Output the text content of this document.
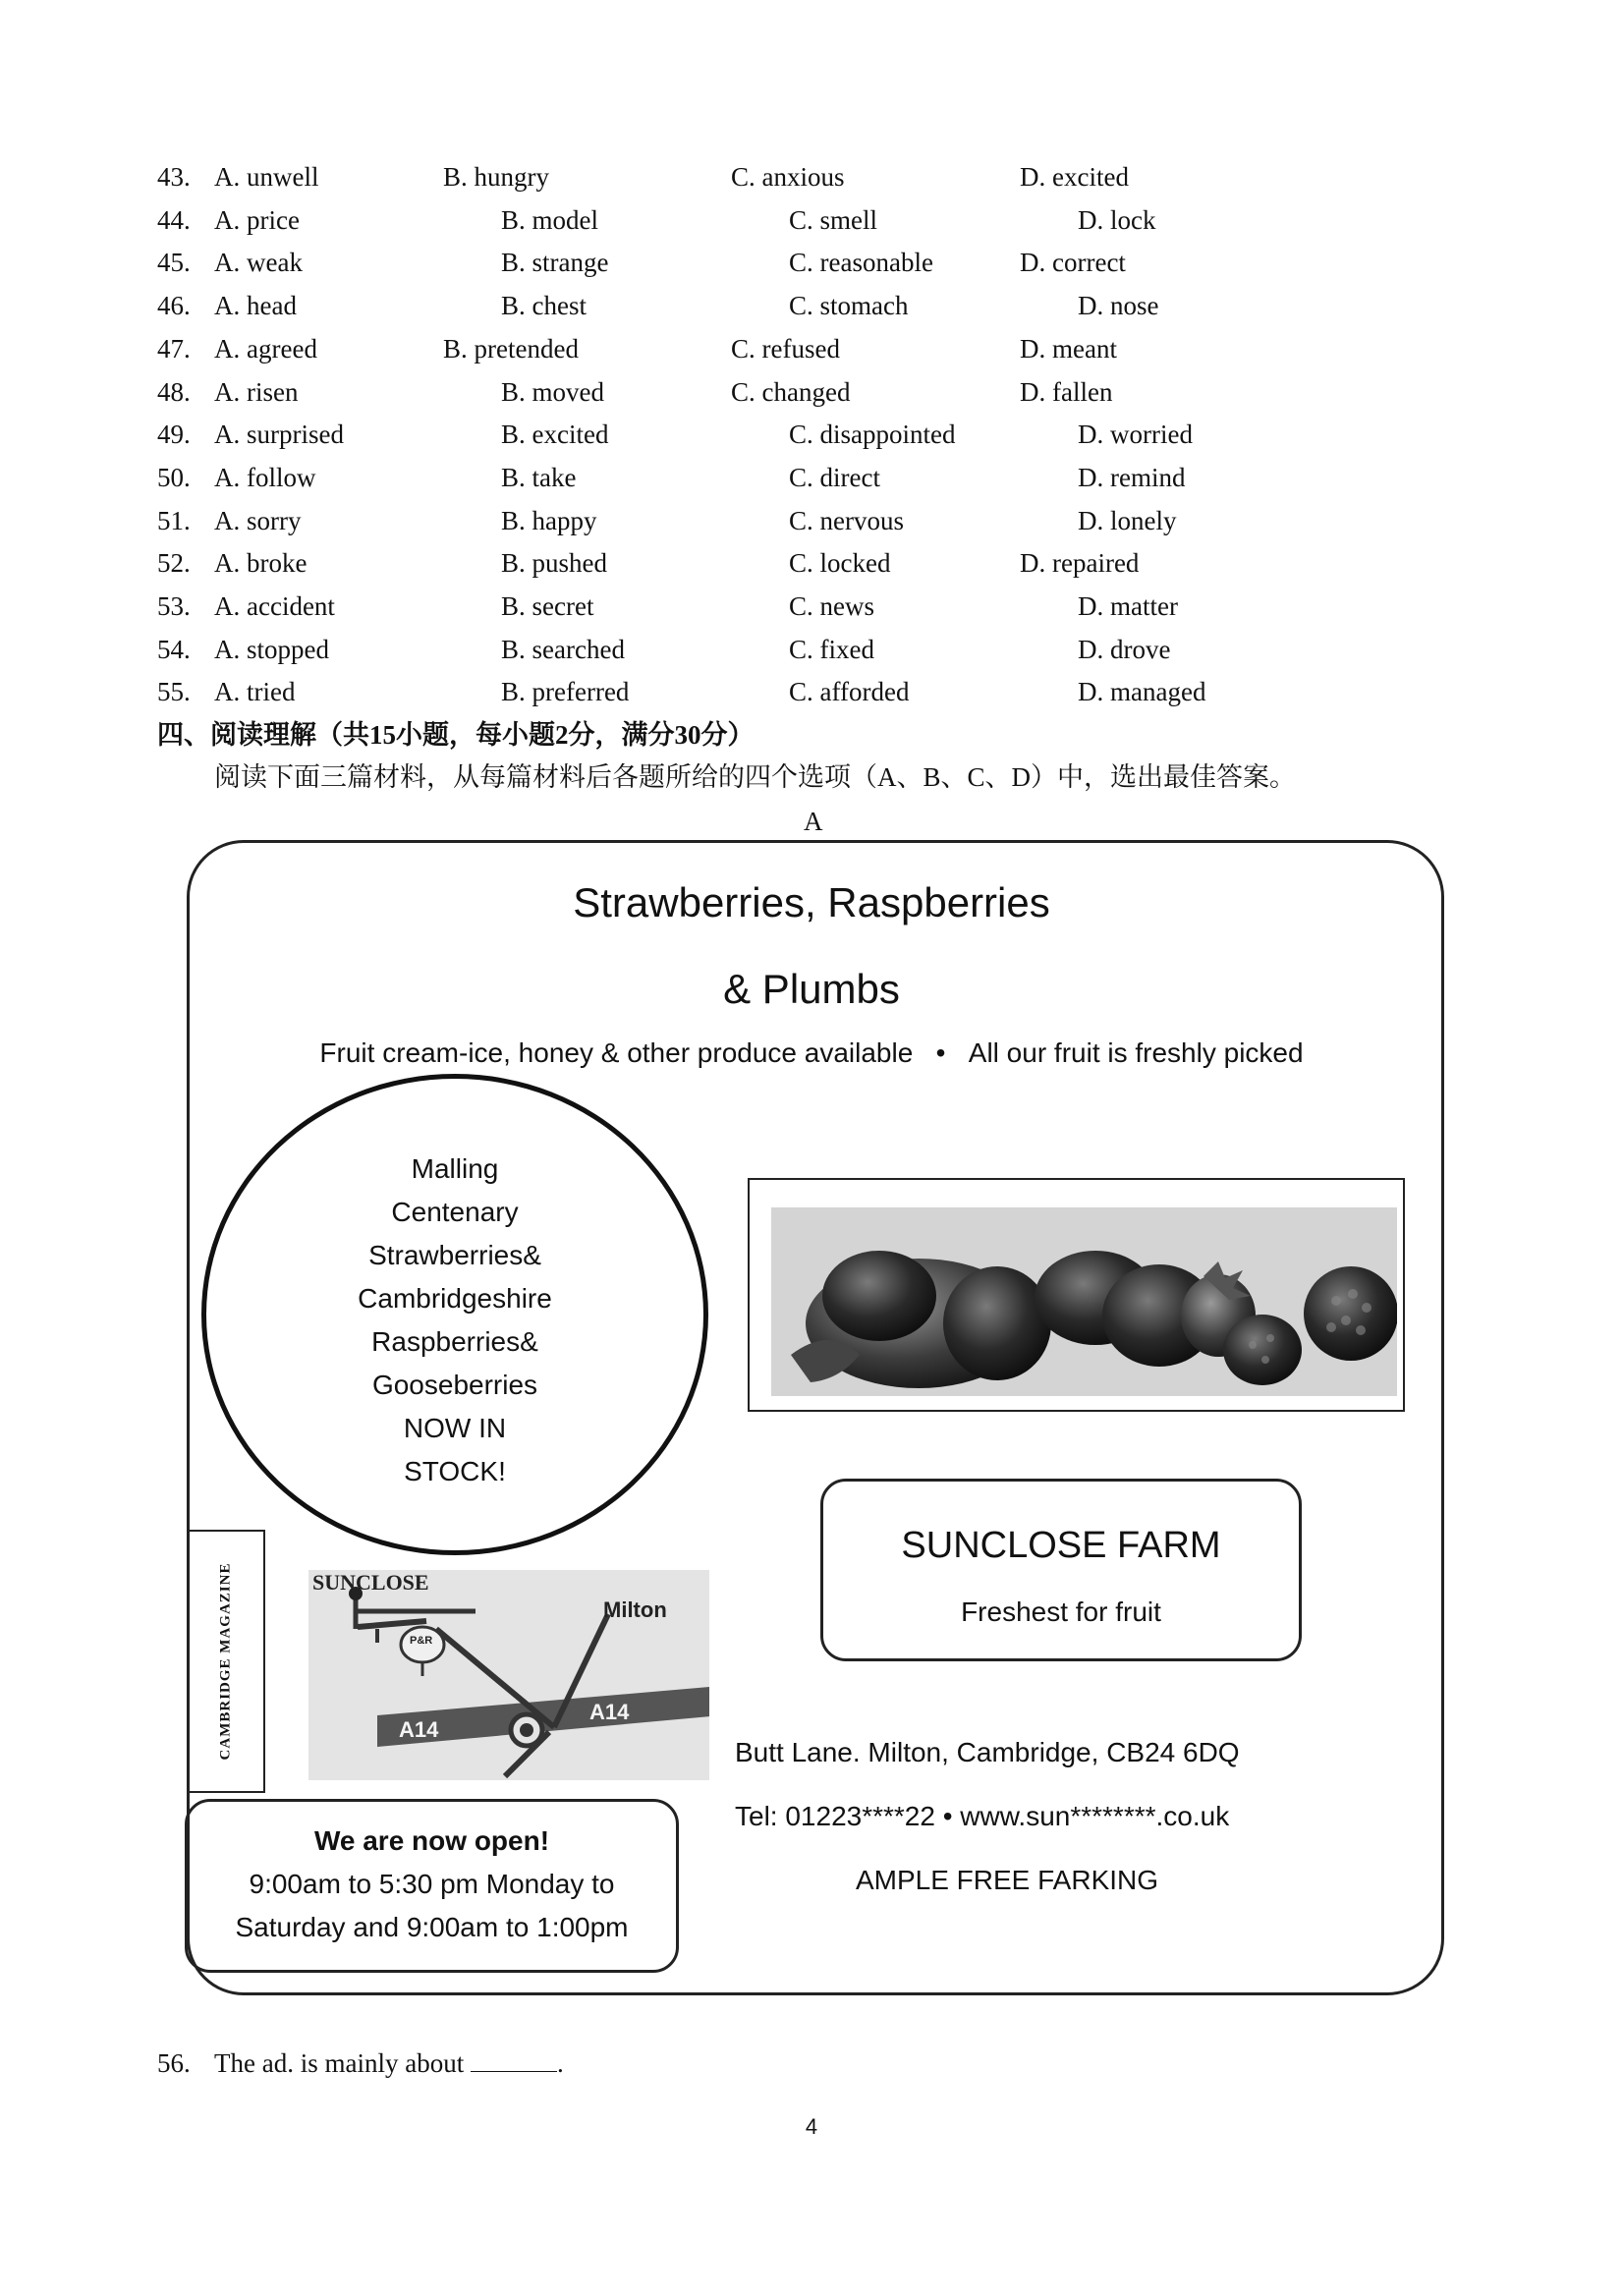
43. A. unwell	B. hungry	C. anxious	D. excited
44. A. price	B. model	C. smell	D. lock
45. A. weak	B. strange	C. reasonable	D. correct
46. A. head	B. chest	C. stomach	D. nose
47. A. agreed	B. pretended	C. refused	D. meant
48. A. risen	B. moved	C. changed	D. fallen
49. A. surprised	B. excited	C. disappointed	D. worried
50. A. follow	B. take	C. direct	D. remind
51. A. sorry	B. happy	C. nervous	D. lonely
52. A. broke	B. pushed	C. locked	D. repaired
53. A. accident	B. secret	C. news	D. matter
54. A. stopped	B. searched	C. fixed	D. drove
55. A. tried	B. preferred	C. afforded	D. managed
四、阅读理解（共15小题，每小题2分，满分30分）
阅读下面三篇材料，从每篇材料后各题所给的四个选项（A、B、C、D）中，选出最佳答案。
A
Strawberries, Raspberries
& Plumbs
Fruit cream-ice, honey & other produce available • All our fruit is freshly picked
Malling
Centenary
Strawberries&
Cambridgeshire
Raspberries&
Gooseberries
NOW IN
STOCK!
SUNCLOSE FARM
Freshest for fruit
CAMBRIDGE MAGAZINE	SUNCLOSE
Milton
P&R
A14
A14
We are now open!
9:00am to 5:30 pm Monday to
Saturday and 9:00am to 1:00pm
Butt Lane. Milton, Cambridge, CB24 6DQ
Tel: 01223****22 • www.sun********.co.uk
AMPLE FREE FARKING
56. The ad. is mainly about	.
4
